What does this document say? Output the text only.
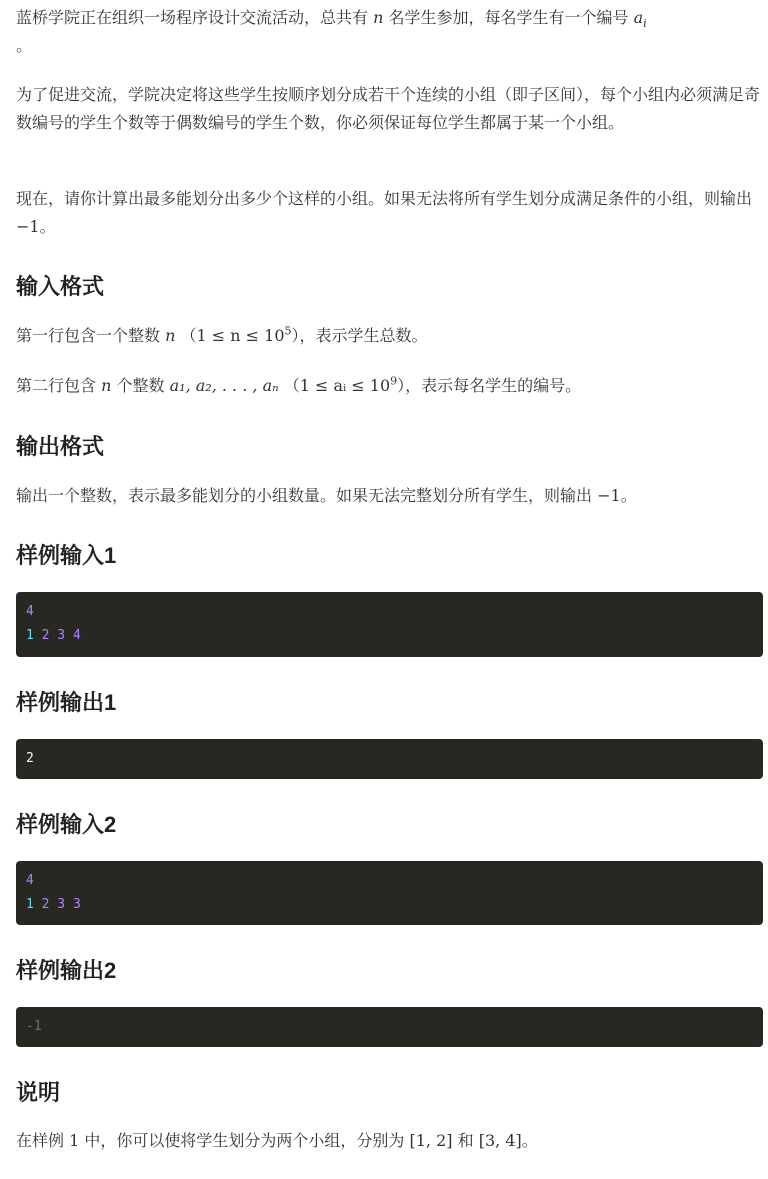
蓝桥学院正在组织一场程序设计交流活动，总共有 n 名学生参加，每名学生有一个编号 $a_i$
。

为了促进交流，学院决定将这些学生按顺序划分成若干个连续的小组（即子区间），每个小组内必须满足奇数编号的学生个数等于偶数编号的学生个数，你必须保证每位学生都属于某一个小组。

现在，请你计算出最多能划分出多少个这样的小组。如果无法将所有学生划分成满足条件的小组，则输出 −1。

输入格式

第一行包含一个整数 n $(1 \le n \le 10^5)$，表示学生总数。

第二行包含 n 个整数 a₁, a₂, . . . , aₙ （1 ≤ aᵢ ≤ $10^9$），表示每名学生的编号。

输出格式

输出一个整数，表示最多能划分的小组数量。如果无法完整划分所有学生，则输出 −1。

样例输入1
4
1 2 3 4
样例输出1
2
样例输入2
4
1 2 3 3
样例输出2
-1
说明

在样例 1 中，你可以使将学生划分为两个小组，分别为 [1, 2] 和 [3, 4]。
